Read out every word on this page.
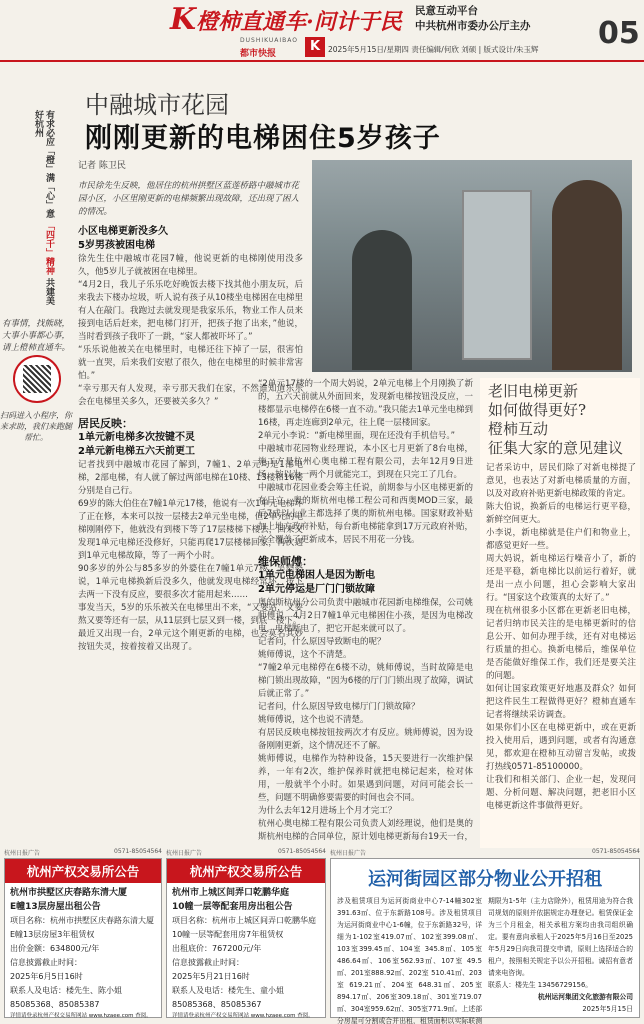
K橙柿直通车·问计于民	民意互动平台
中共杭州市委办公厅主办	05
DUSHIKUAIBAO
都市快报	K	2025年5月15日/星期四 责任编辑/何欣 刘硕 | 版式设计/朱玉辉
有求必应「橙」满「心」意 「四千」精神 共建美好杭州
有事情，找熊晓，大事小事都心事，请上橙柿直通车。
扫码进入小程序，你来求助，我们来跑腿帮忙。
中融城市花园
刚刚更新的电梯困住5岁孩子
记者 陈卫民
市民徐先生反映，他居住的杭州拱墅区蓝莲桥路中融城市花园小区，小区里刚更新的电梯频繁出现故障，还出现了困人的情况。
小区电梯更新没多久
5岁男孩被困电梯

徐先生住中融城市花园7幢，他说更新的电梯刚使用没多久，他5岁儿子就被困在电梯里。

“4月2日，我儿子乐乐吃好晚饭去楼下找其他小朋友玩，后来我去下楼办垃圾，听人说有孩子从10楼坐电梯困在电梯里有人在敲门。我跑过去就发现是我家乐乐，物业工作人员来接到电话后赶来，把电梯门打开，把孩子抱了出来，”他说，当时看到孩子我吓了一跳，“家人都被吓坏了。”

“乐乐说他被关在电梯里时，电梯还往下掉了一层，很害怕就一直哭，后来我们安慰了很久，他在电梯里的时候非常害怕。”

“幸亏那天有人发现，幸亏那天我们在家，不然谁知道乐乐会在电梯里关多久，还要被关多久？”

居民反映：
1单元新电梯多次按键不灵
2单元新电梯五六天前更工

记者找到中融城市花园了解到，7幢1、2单元均是1部电梯，2部电梯，有人就了解过两部电梯在10楼、13楼和16楼分别是自己行。

69岁的陈大伯住在7幢1单元17楼，他说有一次1单元电梯坏了正在修，本来可以按一层楼去2单元坐电梯，但2单元的电梯刚刚停下，他就没有到楼下等了17层楼梯下楼去，回来又发现1单元电梯还没修好，只能再爬17层楼梯回家，再次遇到1单元电梯故障，等了一两个小时。

90多岁的外公与85多岁的外婆住在7幢1单元7楼。吴婆婆说，1单元电梯换新后没多久，他就发现电梯经常坏，按下去两一下没有反应，要很多次才能用起来……

事发当天，5岁的乐乐被关在电梯里出不来，“又要站，又要熬又要等还有一层，从11层到七层又到一楼，到底一楼下。”

最近又出现一台，2单元这个刚更新的电梯，也会莫名其妙按钮失灵，按着按着又出现了。

“2单元17楼的一个周大妈说，2单元电梯上个月刚换了新的，五六天前就从外面回来，发现新电梯按钮没反应，一楼都显示电梯停在6楼一直不动。”我只能去1单元坐电梯到16楼，再走连廊到2单元，往上爬一层楼回家。

2单元小李说：“新电梯里面，现在还没有手机信号。”

中融城市花园物业经理说，本小区七月更新了8台电梯，施工方是杭州心奥电梯工程有限公司，去年12月9日进场，按以为一两个月就能完工，到现在只完工了几台。

中融城市花园业委会筹主任说，前期参与小区电梯更新的有日立、奥的斯杭州电梯工程公司和西奥MOD三家，最后7成以上业主都选择了奥的斯杭州电梯。国家财政补贴加上地方政府补贴，每台新电梯能拿到17万元政府补贴，完全覆盖了更新成本，居民不用花一分钱。

维保师傅：
1单元电梯困人是因为断电
2单元停运是厂门门锁故障

奥的斯杭州分公司负责中融城市花园新电梯维保，公司姚师傅说，4月2日7幢1单元电梯困住小孩，是因为电梯改电，电梯断电了，把它开起来就可以了。

记者问，什么原因导致断电的呢？

姚师傅说，这个不清楚。

“7幢2单元电梯停在6楼不动，姚师傅说，当时故障是电梯门锁出现故障，“因为6楼的厅门门锁出现了故障，调试后就正常了。”

记者问，什么原因导致电梯厅门门锁故障？

姚师傅说，这个也说不清楚。

有居民反映电梯按钮按两次才有反应。姚师傅说，因为设备刚刚更新，这个情况还不了解。

姚师傅说，电梯作为特种设备，15天要进行一次维护保养，一年有2次，维护保养时就把电梯记起来，检对体用，一般就半个小时。如果遇到问题，对问可能会长一些，问题不明确修要需要的时间也会不同。

为什么去年12月进场上个月才完工？

杭州心奥电梯工程有限公司负责人刘经理说，他们是奥的斯杭州电梯的合同单位，原计划电梯更新每台19天一台，

老旧电梯更新
如何做得更好?
橙柿互动
征集大家的意见建议

记者采访中，居民们除了对新电梯提了意见，也表达了对新电梯质量的方面，以及对政府补贴更新电梯政策的肯定。

陈大伯说，换新后的电梯运行更平稳，新鲜空间更大。

小李说，新电梯就是住户们和物业上，都感觉更好一些。

周大妈说，新电梯运行噪音小了，新的还是平稳，新电梯比以前运行着好，就是出一点小问题，担心会影响大家出行。“国家这个政策真的太好了。”

现在杭州很多小区都在更新老旧电梯，记者归纳市民关注的是电梯更新时的信息公开、如何办理手续，还有对电梯运行质量的担心。换新电梯后，维保单位是否能做好维保工作，我们还是要关注的问题。

如何让国家政策更好地惠及群众？如何把这件民生工程做得更好？橙柿直通车记者将继续采访调查。

如果你们小区在电梯更新中，或在更新投入使用后，遇到问题，或者有沟通意见，都欢迎在橙柿互动留言发帖，或拨打热线0571-85100000。

让我们和相关部门、企业一起，发现问题、分析问题、解决问题，把老旧小区电梯更新这件事做得更好。

杭州日报广告	0571-85054564 杭州日报广告	0571-85054564 杭州日报广告	0571-85054564
杭州产权交易所公告
杭州市拱墅区庆春路东清大厦
E幢13层房屋出租公告
项目名称：杭州市拱墅区庆春路东清大厦E幢13层房屋3年租赁权
出价金额：634800元/年
信息披露截止时间：
2025年6月5日16时
联系人及电话：楼先生、陈小姐
85085368、85085387
详情请登录杭州产权交易所网站 www.hzaee.com 查阅。
杭州产权交易所公告
杭州市上城区间弄口乾鹏华庭
10幢一层等配套用房出租公告
项目名称：杭州市上城区间弄口乾鹏华庭10幢一层等配套用房7年租赁权
出租底价：767200元/年
信息披露截止时间：
2025年5月21日16时
联系人及电话：楼先生、童小姐
85085368、85085367
详情请登录杭州产权交易所网站 www.hzaee.com 查阅。
运河街园区部分物业公开招租
涉及租赁项目为运河街商业中心7-14幢302室391.63㎡、位于东新路108号。涉及租赁项目为运河街商业中心1-6幢，位于东新路32号，详细为1-102室419.07㎡、102室399.08㎡、103室399.45㎡、104室 345.8㎡、105室486.64㎡、106室562.93㎡、107室 49.5㎡、201室888.92㎡、202室 510.41㎡、203室 619.21㎡、204室 648.31㎡、205室 894.17㎡、206室309.18㎡、301室719.07㎡、304室959.62㎡、305室771.9㎡。上述部分房屋可分割或合并出租，租赁面积以实际联测
期限为1-5年（主力店除外），租赁用途为符合我司规划的原则并依据规定办理登记。租赁保证金为三个月租金，相关承租方案均由我司组织确定。要有意向承租人于2025年5月16日至2025年5月29日向我司提交申请，原则上选择适合的租户，按照相关规定予以公开招租。诚招有意者请来电咨询。
联系人：楼先生 13456729156。
杭州运河集团文化旅游有限公司
2025年5月15日
